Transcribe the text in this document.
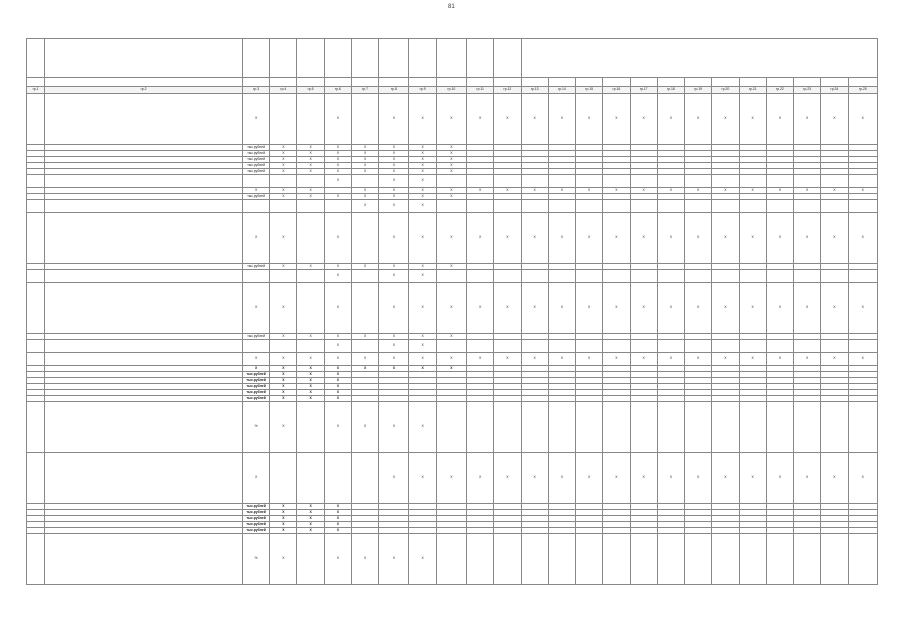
81

гр.1	гр.2	гр.3	гр.4	гр.5	гр.6	гр.7	гр.8	гр.9	гр.10	гр.11	гр.12	гр.13	гр.14	гр.15	гр.16	гр.17	гр.18	гр.19	гр.20	гр.21	гр.22	гр.23	гр.24	гр.25
		X			X		X	X	X	X	X	X	X	X	X	X	X	X	X	X	X	X	X	X
		тыс.рублей	X	X	X	X	X	X	X															
		тыс.рублей	X	X	X	X	X	X	X															
		тыс.рублей	X	X	X	X	X	X	X															
		тыс.рублей	X	X	X	X	X	X	X															
		тыс.рублей	X	X	X	X	X	X	X															
					X		X	X																
		X	X	X		X	X	X	X	X	X	X	X	X	X	X	X	X	X	X	X	X	X	X
		тыс.рублей	X	X	X	X	X	X	X															
						X	X	X																
		X	X		X		X	X	X	X	X	X	X	X	X	X	X	X	X	X	X	X	X	X
		тыс.рублей	X	X	X	X	X	X	X															
					X		X	X																
		X	X		X		X	X	X	X	X	X	X	X	X	X	X	X	X	X	X	X	X	X
		тыс.рублей	X	X	X	X	X	X	X															
					X		X	X																
		X	X	X	X	X	X	X	X	X	X	X	X	X	X	X	X	X	X	X	X	X	X	X
		X	X	X	X	X	X	X	X															
		тыс.рублей	X	X	X																			
		тыс.рублей	X	X	X																			
		тыс.рублей	X	X	X																			
		тыс.рублей	X	X	X																			
		тыс.рублей	X	X	X																			
		%	X		X	X	X	X																
		X					X	X	X	X	X	X	X	X	X	X	X	X	X	X	X	X	X	X
		тыс.рублей	X	X	X																			
		тыс.рублей	X	X	X																			
		тыс.рублей	X	X	X																			
		тыс.рублей	X	X	X																			
		тыс.рублей	X	X	X																			
		%	X		X	X	X	X																
